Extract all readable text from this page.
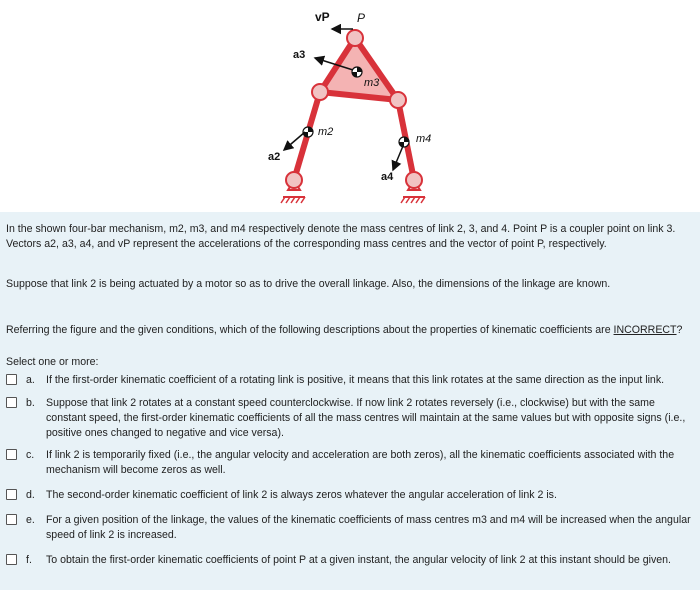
vP P
a3
m3
m2
a2
m4
a4
In the shown four-bar mechanism, m2, m3, and m4 respectively denote the mass centres of link 2, 3, and 4. Point P is a coupler point on link 3. Vectors a2, a3, a4, and vP represent the accelerations of the corresponding mass centres and the vector of point P, respectively.
Suppose that link 2 is being actuated by a motor so as to drive the overall linkage. Also, the dimensions of the linkage are known.
Referring the figure and the given conditions, which of the following descriptions about the properties of kinematic coefficients are INCORRECT?
Select one or more:
a. If the first-order kinematic coefficient of a rotating link is positive, it means that this link rotates at the same direction as the input link.
b. Suppose that link 2 rotates at a constant speed counterclockwise. If now link 2 rotates reversely (i.e., clockwise) but with the same constant speed, the first-order kinematic coefficients of all the mass centres will maintain at the same values but with opposite signs (i.e., positive ones changed to negative and vice versa).
c. If link 2 is temporarily fixed (i.e., the angular velocity and acceleration are both zeros), all the kinematic coefficients associated with the mechanism will become zeros as well.
d. The second-order kinematic coefficient of link 2 is always zeros whatever the angular acceleration of link 2 is.
e. For a given position of the linkage, the values of the kinematic coefficients of mass centres m3 and m4 will be increased when the angular speed of link 2 is increased.
f. To obtain the first-order kinematic coefficients of point P at a given instant, the angular velocity of link 2 at this instant should be given.
